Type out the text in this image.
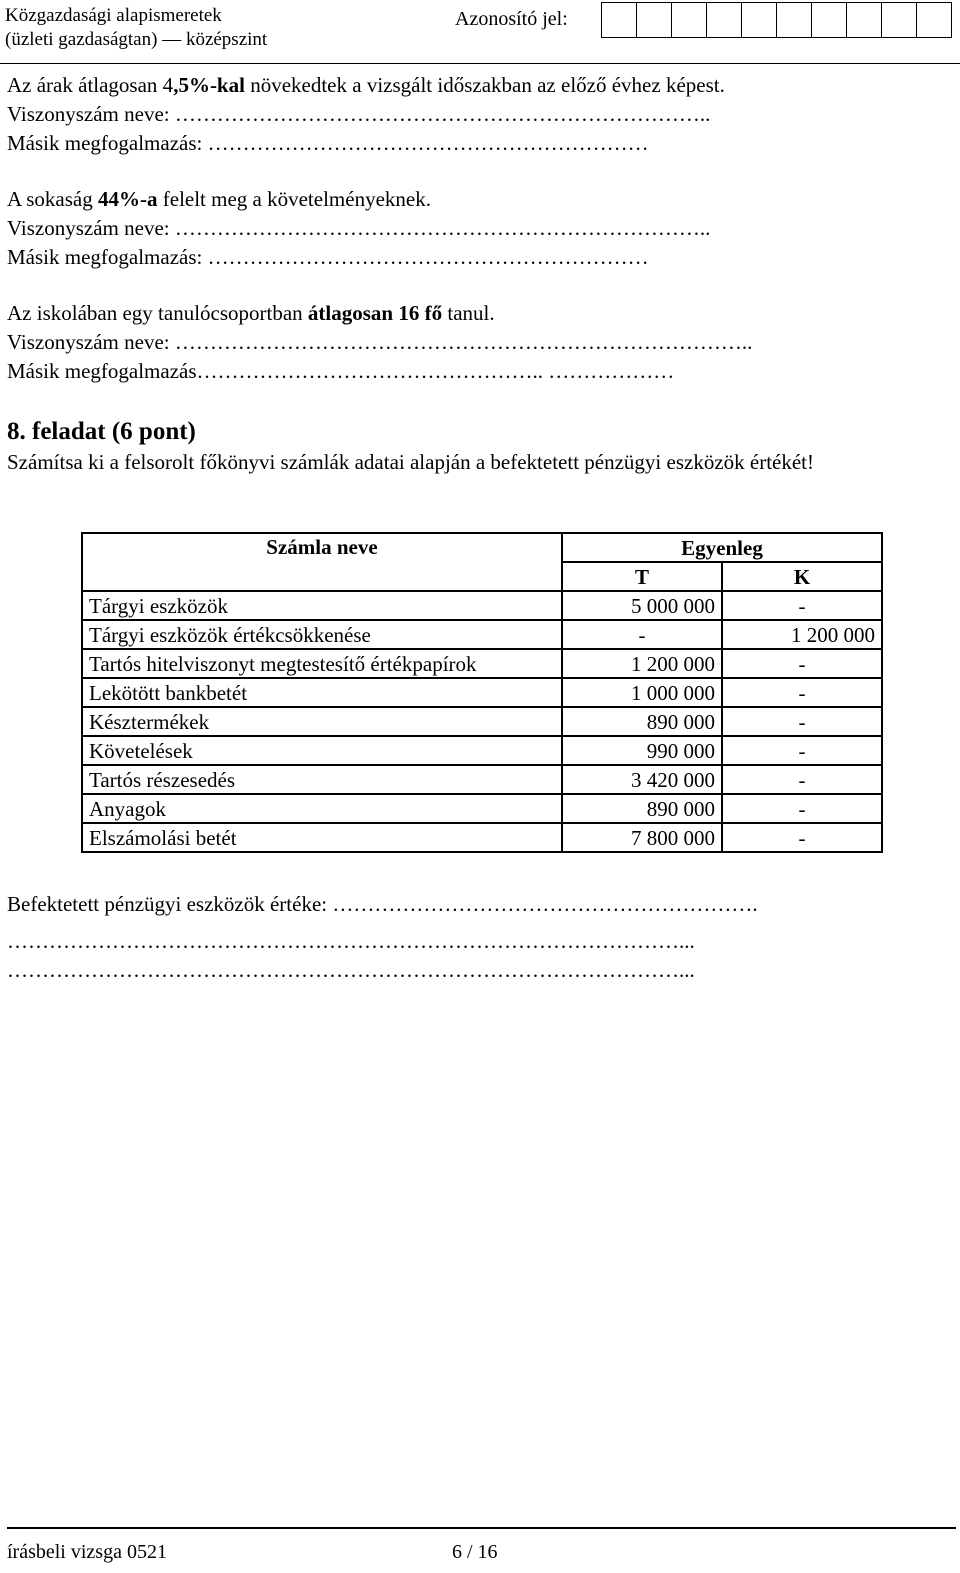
Közgazdasági alapismeretek
(üzleti gazdaságtan) — középszint
Azonosító jel:
Az árak átlagosan 4,5%-kal növekedtek a vizsgált időszakban az előző évhez képest.
Viszonyszám neve: …………………………………………………………………..
Másik megfogalmazás: ………………………………………………………
A sokaság 44%-a felelt meg a követelményeknek.
Viszonyszám neve: …………………………………………………………………..
Másik megfogalmazás: ………………………………………………………
Az iskolában egy tanulócsoportban átlagosan 16 fő tanul.
Viszonyszám neve: ………………………………………………………………………..
Másik megfogalmazás………………………………………….. ………………
8. feladat (6 pont)
Számítsa ki a felsorolt főkönyvi számlák adatai alapján a befektetett pénzügyi eszközök értékét!
Számla neve	Egyenleg	
	T	K
Tárgyi eszközök	5 000 000	-
Tárgyi eszközök értékcsökkenése	-	1 200 000
Tartós hitelviszonyt megtestesítő értékpapírok	1 200 000	-
Lekötött bankbetét	1 000 000	-
Késztermékek	890 000	-
Követelések	990 000	-
Tartós részesedés	3 420 000	-
Anyagok	890 000	-
Elszámolási betét	7 800 000	-
Befektetett pénzügyi eszközök értéke: …………………………………………………….
……………………………………………………………………………………...
……………………………………………………………………………………...
írásbeli vizsga 0521	6 / 16
